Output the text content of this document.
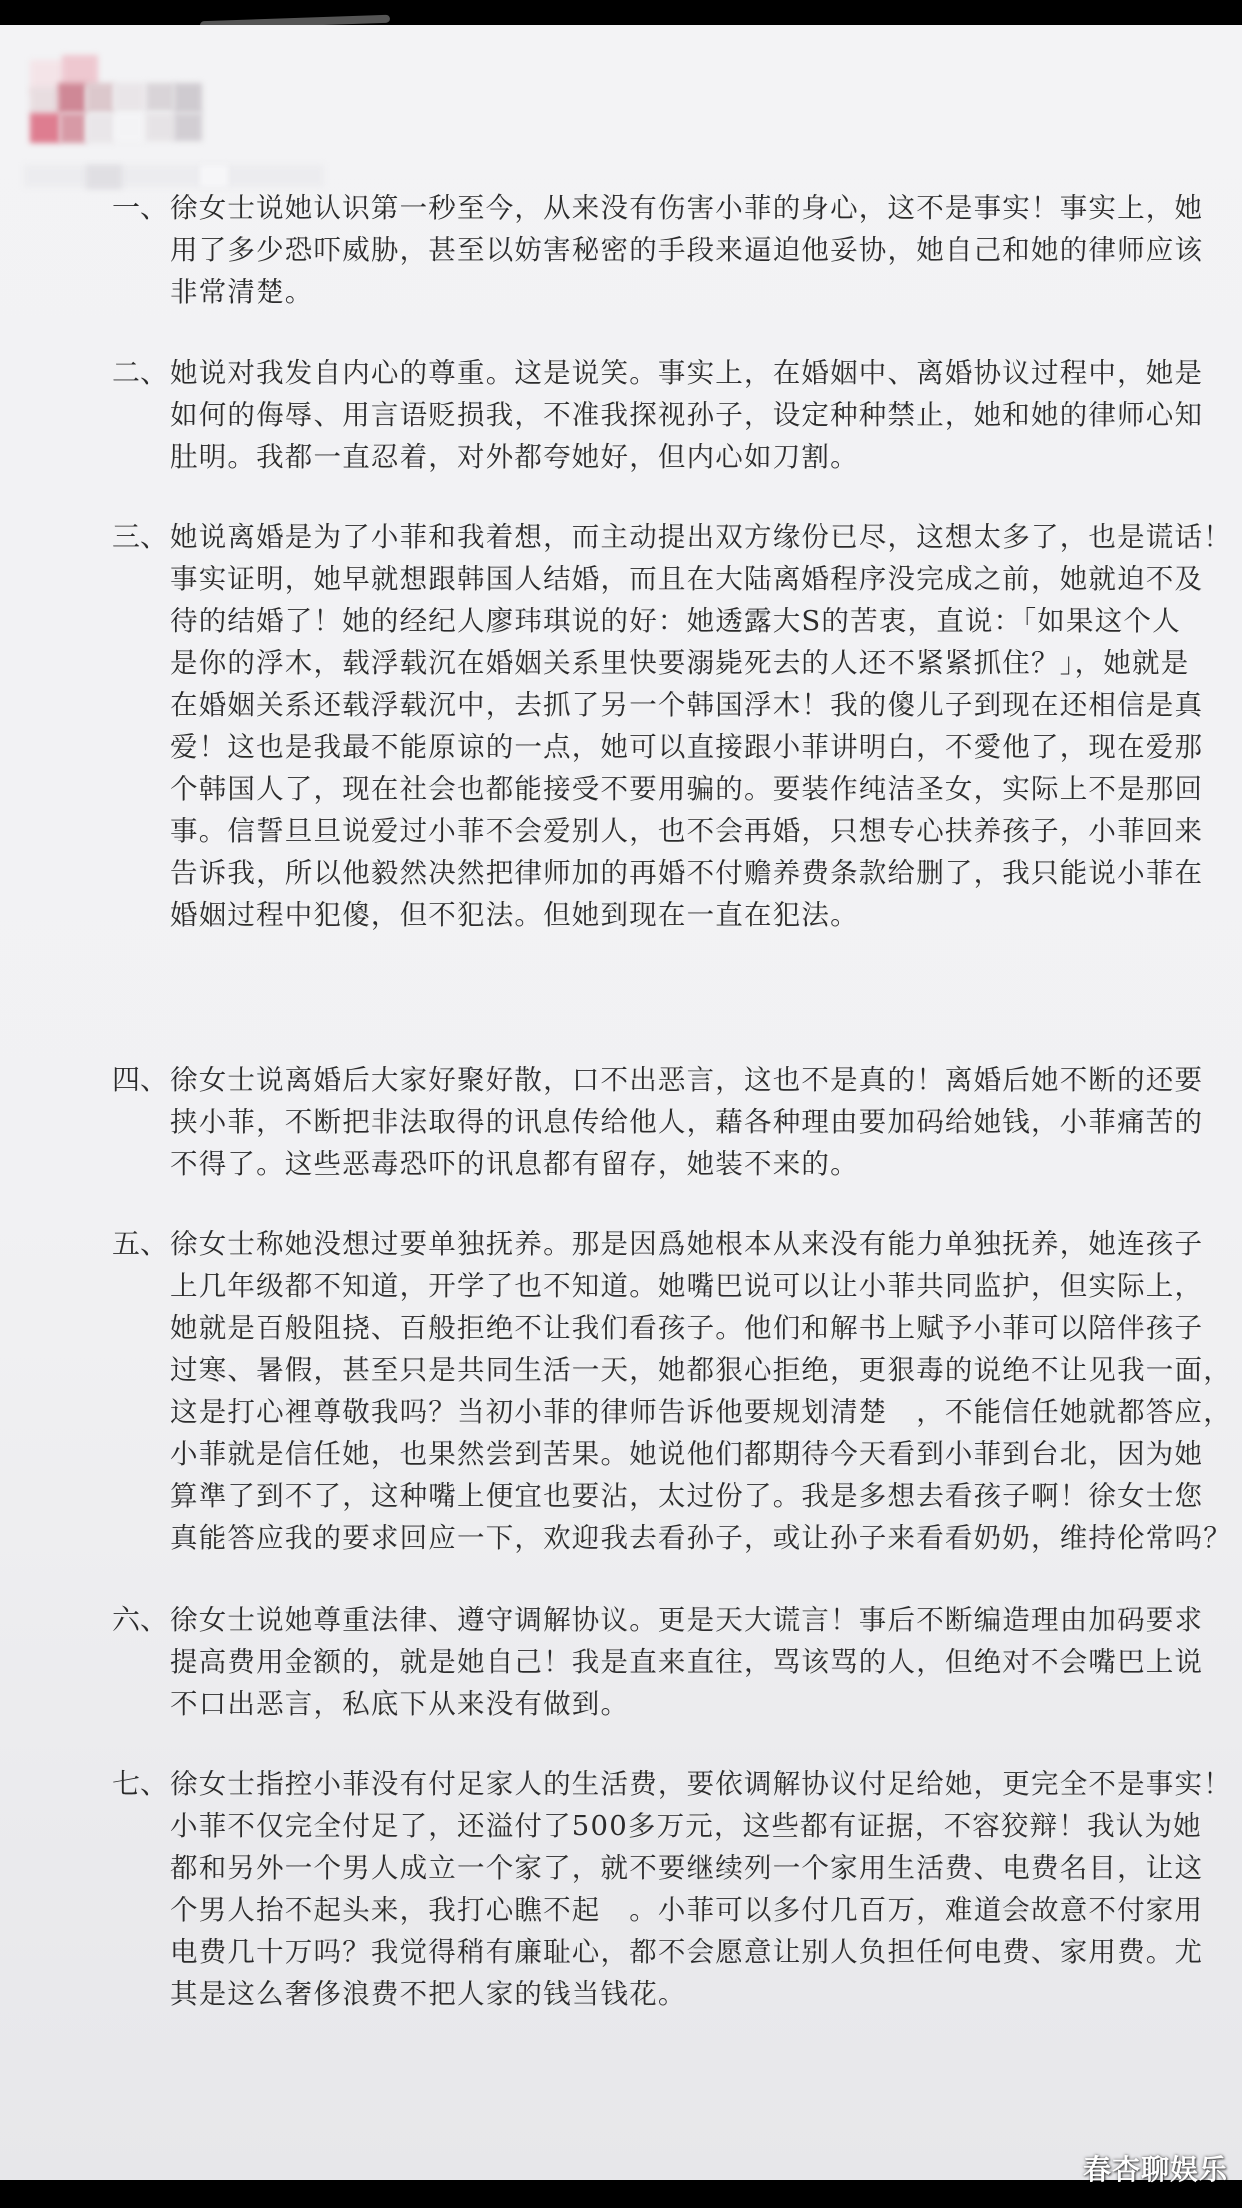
一、 徐女士说她认识第一秒至今，从来没有伤害小菲的身心，这不是事实！事实上，她
用了多少恐吓威胁，甚至以妨害秘密的手段来逼迫他妥协，她自己和她的律师应该
非常清楚。
二、 她说对我发自内心的尊重。这是说笑。事实上，在婚姻中、离婚协议过程中，她是
如何的侮辱、用言语贬损我，不准我探视孙子，设定种种禁止，她和她的律师心知
肚明。我都一直忍着，对外都夸她好，但内心如刀割。
三、 她说离婚是为了小菲和我着想，而主动提出双方缘份已尽，这想太多了，也是谎话！
事实证明，她早就想跟韩国人结婚，而且在大陆离婚程序没完成之前，她就迫不及
待的结婚了！她的经纪人廖玮琪说的好：她透露大S的苦衷，直说：「如果这个人
是你的浮木，载浮载沉在婚姻关系里快要溺毙死去的人还不紧紧抓住？」，她就是
在婚姻关系还载浮载沉中，去抓了另一个韩国浮木！我的傻儿子到现在还相信是真
爱！这也是我最不能原谅的一点，她可以直接跟小菲讲明白，不愛他了，现在爱那
个韩国人了，现在社会也都能接受不要用骗的。要装作纯洁圣女，实际上不是那回
事。信誓旦旦说爱过小菲不会爱别人，也不会再婚，只想专心扶养孩子，小菲回来
告诉我，所以他毅然决然把律师加的再婚不付赡养费条款给删了，我只能说小菲在
婚姻过程中犯傻，但不犯法。但她到现在一直在犯法。
四、 徐女士说离婚后大家好聚好散，口不出恶言，这也不是真的！离婚后她不断的还要
挟小菲，不断把非法取得的讯息传给他人，藉各种理由要加码给她钱，小菲痛苦的
不得了。这些恶毒恐吓的讯息都有留存，她装不来的。
五、 徐女士称她没想过要单独抚养。那是因爲她根本从来没有能力单独抚养，她连孩子
上几年级都不知道，开学了也不知道。她嘴巴说可以让小菲共同监护，但实际上，
她就是百般阻挠、百般拒绝不让我们看孩子。他们和解书上赋予小菲可以陪伴孩子
过寒、暑假，甚至只是共同生活一天，她都狠心拒绝，更狠毒的说绝不让见我一面，
这是打心裡尊敬我吗？当初小菲的律师告诉他要规划清楚　，不能信任她就都答应，
小菲就是信任她，也果然尝到苦果。她说他们都期待今天看到小菲到台北，因为她
算準了到不了，这种嘴上便宜也要沾，太过份了。我是多想去看孩子啊！徐女士您
真能答应我的要求回应一下，欢迎我去看孙子，或让孙子来看看奶奶，维持伦常吗？
六、 徐女士说她尊重法律、遵守调解协议。更是天大谎言！事后不断编造理由加码要求
提高费用金额的，就是她自己！我是直来直往，骂该骂的人，但绝对不会嘴巴上说
不口出恶言，私底下从来没有做到。
七、 徐女士指控小菲没有付足家人的生活费，要依调解协议付足给她，更完全不是事实！
小菲不仅完全付足了，还溢付了500多万元，这些都有证据，不容狡辩！我认为她
都和另外一个男人成立一个家了，就不要继续列一个家用生活费、电费名目，让这
个男人抬不起头来，我打心瞧不起　。小菲可以多付几百万，难道会故意不付家用
电费几十万吗？我觉得稍有廉耻心，都不会愿意让别人负担任何电费、家用费。尤
其是这么奢侈浪费不把人家的钱当钱花。
春杏聊娱乐
